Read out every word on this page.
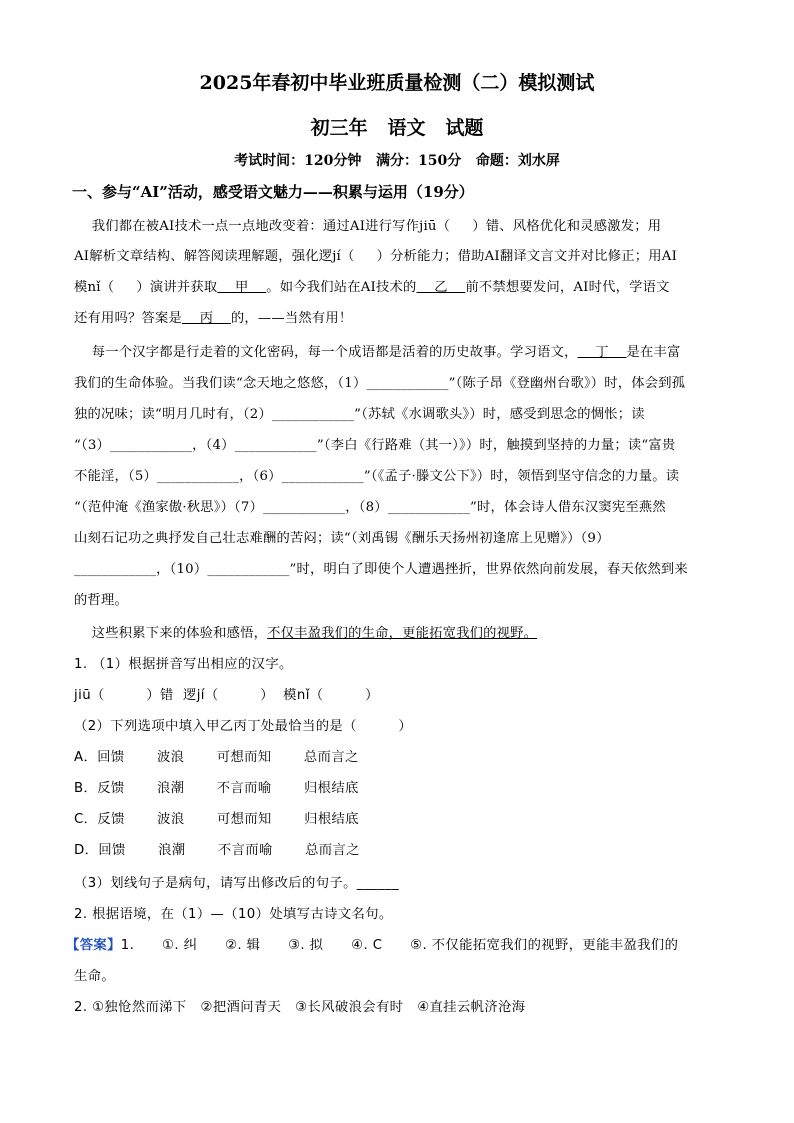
2025年春初中毕业班质量检测（二）模拟测试
初三年   语文   试题
考试时间：120分钟   满分：150分   命题：刘水屏
一、参与“AI”活动，感受语文魅力——积累与运用（19分）
我们都在被AI技术一点一点地改变着：通过AI进行写作jiū（     ）错、风格优化和灵感激发；用
AI解析文章结构、解答阅读理解题，强化逻jí（     ）分析能力；借助AI翻译文言文并对比修正；用AI
模nǐ（     ）演讲并获取    甲    。如今我们站在AI技术的    乙    前不禁想要发问，AI时代，学语文
还有用吗？答案是    丙    的，——当然有用！
每一个汉字都是行走着的文化密码，每一个成语都是活着的历史故事。学习语文，    丁    是在丰富
我们的生命体验。当我们读“念天地之悠悠，（1）____________”（陈子昂《登幽州台歌》）时，体会到孤
独的况味；读“明月几时有，（2）____________”（苏轼《水调歌头》）时，感受到思念的惆怅；读
“（3）____________，（4）____________”（李白《行路难（其一）》）时，触摸到坚持的力量；读“富贵
不能淫，（5）____________，（6）____________”（《孟子·滕文公下》）时，领悟到坚守信念的力量。读
“（范仲淹《渔家傲·秋思》）（7）____________，（8）____________”时，体会诗人借东汉窦宪至燕然
山刻石记功之典抒发自己壮志难酬的苦闷；读“（刘禹锡《酬乐天扬州初逢席上见赠》）（9）
____________，（10）____________”时，明白了即使个人遭遇挫折，世界依然向前发展，春天依然到来
的哲理。
这些积累下来的体验和感悟，不仅丰盈我们的生命，更能拓宽我们的视野。
1. （1）根据拼音写出相应的汉字。
jiū（         ）错  逻jí（         ）  模nǐ（         ）
（2）下列选项中填入甲乙丙丁处最恰当的是（         ）
A．回馈       波浪       可想而知       总而言之
B．反馈       浪潮       不言而喻       归根结底
C．反馈       波浪       可想而知       归根结底
D．回馈       浪潮       不言而喻       总而言之
（3）划线句子是病句，请写出修改后的句子。______
2. 根据语境，在（1）—（10）处填写古诗文名句。
【答案】1.      ①. 纠      ②. 辑      ③. 拟      ④. C      ⑤. 不仅能拓宽我们的视野，更能丰盈我们的
生命。
2. ①独怆然而涕下   ②把酒问青天   ③长风破浪会有时   ④直挂云帆济沧海
